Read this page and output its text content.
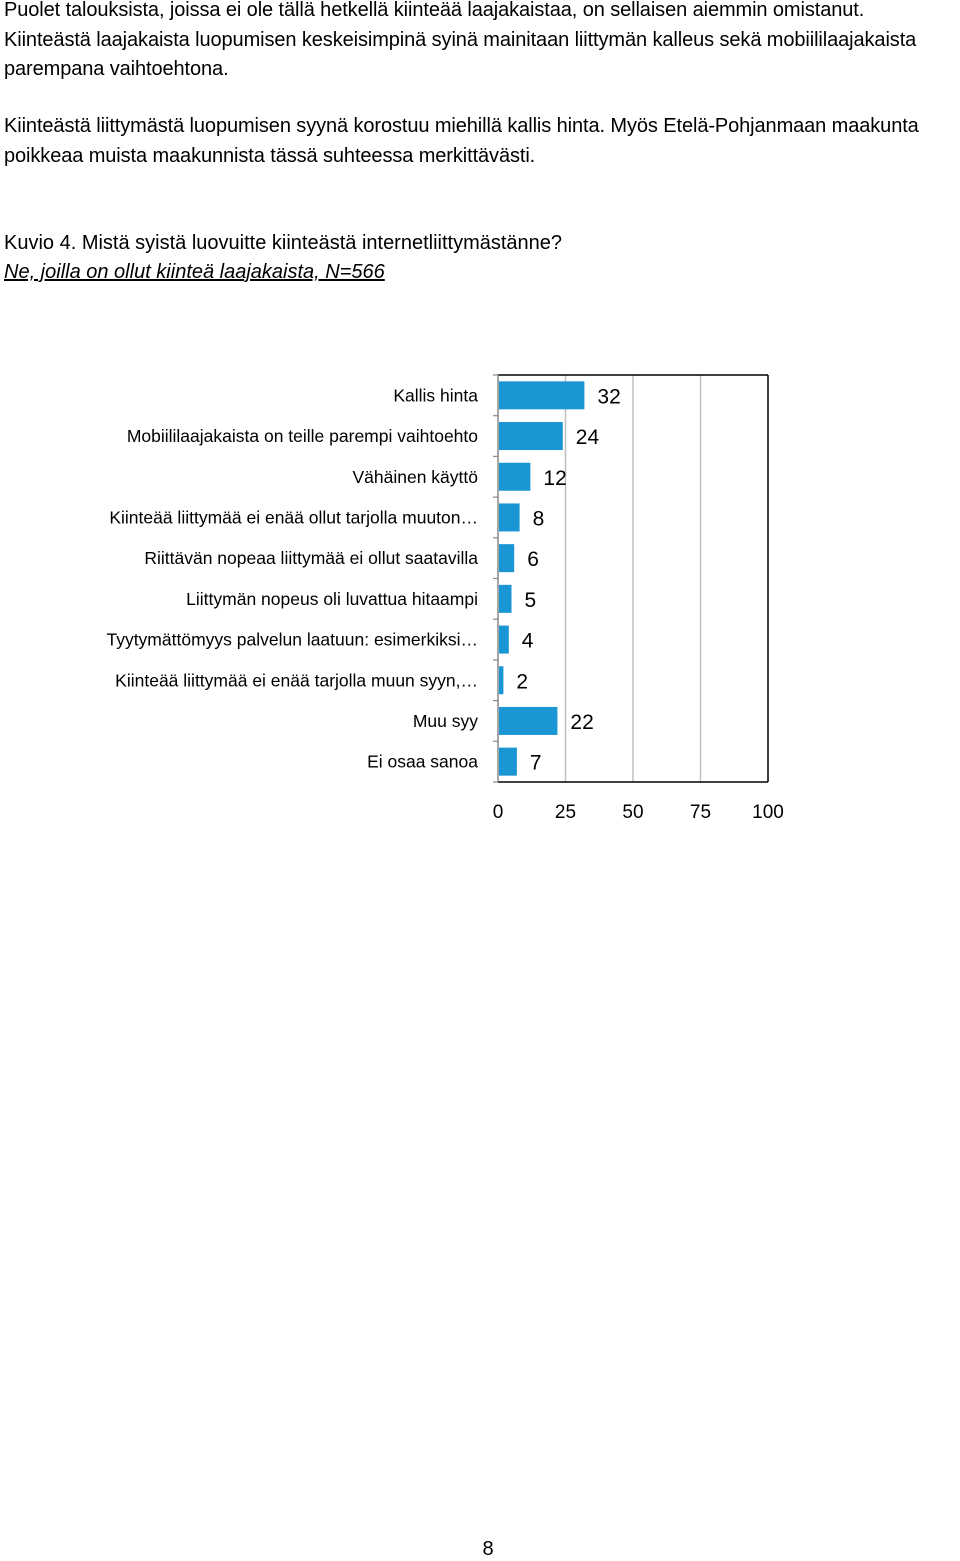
Puolet talouksista, joissa ei ole tällä hetkellä kiinteää laajakaistaa, on sellaisen aiemmin omistanut. Kiinteästä laajakaista luopumisen keskeisimpinä syinä mainitaan liittymän kalleus sekä mobiililaajakaista parempana vaihtoehtona.

Kiinteästä liittymästä luopumisen syynä korostuu miehillä kallis hinta. Myös Etelä-Pohjanmaan maakunta poikkeaa muista maakunnista tässä suhteessa merkittävästi.

Kuvio 4. Mistä syistä luovuitte kiinteästä internetliittymästänne?
Ne, joilla on ollut kiinteä laajakaista, N=566
32
Kallis hinta
24
Mobiililaajakaista on teille parempi vaihtoehto
12
Vähäinen käyttö
8
Kiinteää liittymää ei enää ollut tarjolla muuton…
6
Riittävän nopeaa liittymää ei ollut saatavilla
5
Liittymän nopeus oli luvattua hitaampi
4
Tyytymättömyys palvelun laatuun: esimerkiksi…
2
Kiinteää liittymää ei enää tarjolla muun syyn,…
22
Muu syy
7
Ei osaa sanoa
0	25 50 75 100
8
